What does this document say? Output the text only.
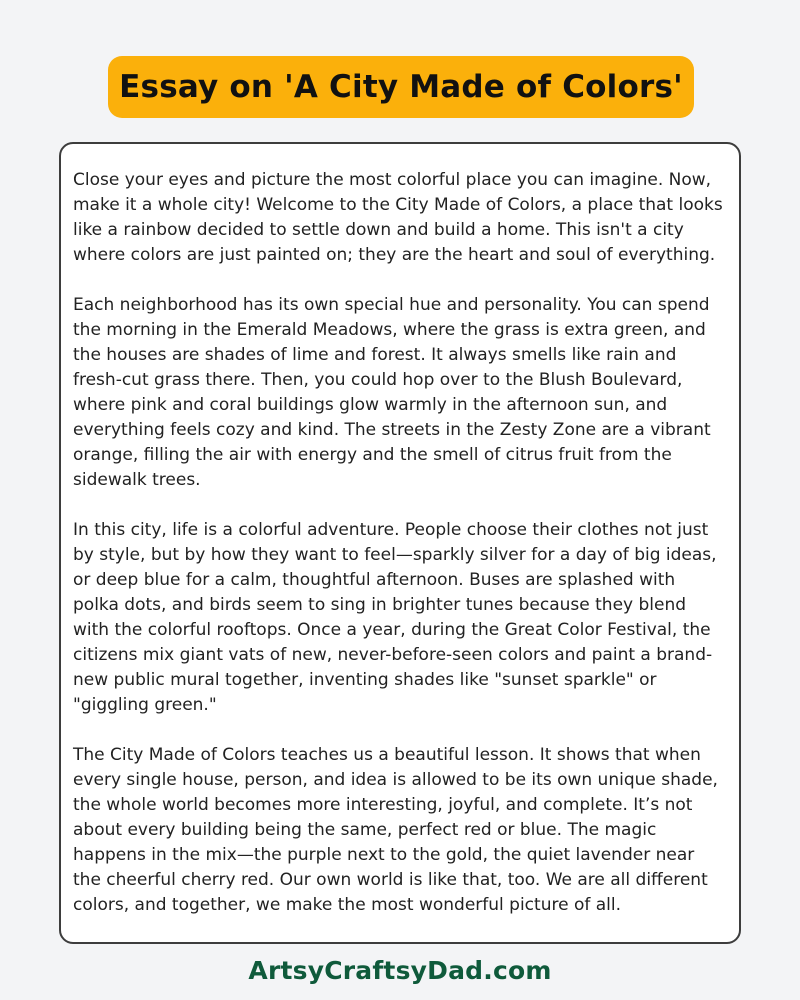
Essay on 'A City Made of Colors'

Close your eyes and picture the most colorful place you can imagine. Now, make it a whole city! Welcome to the City Made of Colors, a place that looks like a rainbow decided to settle down and build a home. This isn't a city where colors are just painted on; they are the heart and soul of everything.

Each neighborhood has its own special hue and personality. You can spend the morning in the Emerald Meadows, where the grass is extra green, and the houses are shades of lime and forest. It always smells like rain and fresh-cut grass there. Then, you could hop over to the Blush Boulevard, where pink and coral buildings glow warmly in the afternoon sun, and everything feels cozy and kind. The streets in the Zesty Zone are a vibrant orange, filling the air with energy and the smell of citrus fruit from the sidewalk trees.

In this city, life is a colorful adventure. People choose their clothes not just by style, but by how they want to feel—sparkly silver for a day of big ideas, or deep blue for a calm, thoughtful afternoon. Buses are splashed with polka dots, and birds seem to sing in brighter tunes because they blend with the colorful rooftops. Once a year, during the Great Color Festival, the citizens mix giant vats of new, never-before-seen colors and paint a brand-new public mural together, inventing shades like "sunset sparkle" or "giggling green."

The City Made of Colors teaches us a beautiful lesson. It shows that when every single house, person, and idea is allowed to be its own unique shade, the whole world becomes more interesting, joyful, and complete. It’s not about every building being the same, perfect red or blue. The magic happens in the mix—the purple next to the gold, the quiet lavender near the cheerful cherry red. Our own world is like that, too. We are all different colors, and together, we make the most wonderful picture of all.

ArtsyCraftsyDad.com
